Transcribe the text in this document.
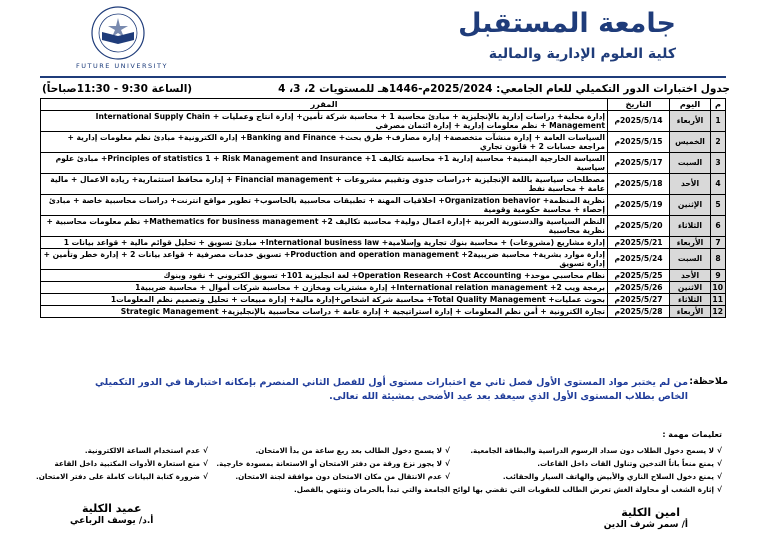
FUTURE UNIVERSITY
جامعة المستقبل
كلية العلوم الإدارية والمالية
جدول اختبارات الدور التكميلي للعام الجامعي: 2025/2024م-1446هـ للمستويات 2، 3، 4
(الساعة 9:30 - 11:30صباحاً)
م	اليوم	التاريخ	المقرر
1	الأربعاء	2025/5/14م	إدارة محلية+ دراسات إدارية بالإنجليزية + مبادئ محاسبة 1 + محاسبة شركة تأمين+ إدارة انتاج وعمليات + International Supply Chain Management + نظم معلومات إدارية + إدارة ائتمان مصرفي
2	الخميس	2025/5/15م	السياسات العامة + إدارة منشآت متخصصة+ إدارة مصارف+ طرق بحث+ Banking and Finance+ إدارة الكترونية+ مبادئ نظم معلومات إدارية + مراجعة حسابات 2 + قانون تجاري
3	السبت	2025/5/17م	السياسة الخارجية اليمنية+ محاسبة إدارية 1+ محاسبة تكاليف 1+ Principles of statistics 1 + Risk Management and Insurance+ مبادئ علوم سياسية
4	الأحد	2025/5/18م	مصطلحات سياسية باللغة الإنجليزية +دراسات جدوى وتقييم مشروعات + Financial management + إدارة محافظ استثمارية+ ريادة الاعمال + مالية عامة + محاسبة نفط
5	الإثنين	2025/5/19م	نظرية المنظمة+ Organization behavior+ اخلاقيات المهنة + تطبيقات محاسبية بالحاسوب+ تطوير مواقع انترنت+ دراسات محاسبية خاصة + مبادئ إحصاء + محاسبة حكومية وقومية
6	الثلاثاء	2025/5/20م	النظم السياسية والدستورية العربية +إدارة اعمال دولية+ محاسبة تكاليف 2+ Mathematics for business management+ نظم معلومات محاسبية + نظرية محاسبية
7	الأربعاء	2025/5/21م	إدارة مشاريع (مشروعات) + محاسبة بنوك تجارية وإسلامية+ International business law+ مبادئ تسويق + تحليل قوائم مالية + قواعد بيانات 1
8	السبت	2025/5/24م	إدارة موارد بشرية+ محاسبة ضريبية2+ Production and operation management+ تسويق خدمات مصرفية + قواعد بيانات 2 + إدارة خطر وتأمين + إدارة تسويق
9	الأحد	2025/5/25م	نظام محاسبي موحد+ Operation Research +Cost Accounting+ لغة انجليزية 101+ تسويق الكتروني + نقود وبنوك
10	الاثنين	2025/5/26م	برمجة ويب 2+ International relation management+ إدارة مشتريات ومخازن + محاسبة شركات أموال + محاسبة ضريبية1
11	الثلاثاء	2025/5/27م	بحوث عمليات+ Total Quality Management+ محاسبة شركة اشخاص+إدارة مالية+ إدارة مبيعات + تحليل وتصميم نظم المعلومات1
12	الأربعاء	2025/5/28م	تجارة الكترونية + أمن نظم المعلومات + إدارة استراتيجية + إدارة عامة + دراسات محاسبية بالإنجليزية+ Strategic Management
ملاحظة:
من لم يختبر مواد المستوى الأول فصل ثاني مع اختبارات مستوى أول للفصل الثاني المنصرم بإمكانه اختبارها في الدور التكميلي الخاص بطلاب المستوى الأول الذي سيعقد بعد عيد الأضحى بمشيئة الله تعالى.
تعليمات مهمة :
√لا يسمح دخول الطلاب دون سداد الرسوم الدراسية والبطاقة الجامعية.
√لا يسمح دخول الطالب بعد ربع ساعة من بدأ الامتحان.
√عدم استخدام الساعة الالكترونية.
√يمنع منعاً باتاً التدخين وتناول القات داخل القاعات.
√لا يجوز نزع ورقة من دفتر الامتحان أو الاستعانة بمسودة خارجية.
√منع استعارة الأدوات المكتبية داخل القاعة
√يمنع دخول السلاح الناري والأبيض والهاتف السيار والحقائب.
√عدم الانتقال من مكان الامتحان دون موافقة لجنة الامتحان.
√ضرورة كتابة البيانات كاملة على دفتر الامتحان.
√إثارة الشغب أو محاولة الغش تعرض الطالب للعقوبات التي تقضي بها لوائح الجامعة والتي تبدأ بالحرمان وتنتهي بالفصل.
عميد الكلية
أ.د/ يوسف الرباعي
امين الكلية
أ/ سمر شرف الدين
